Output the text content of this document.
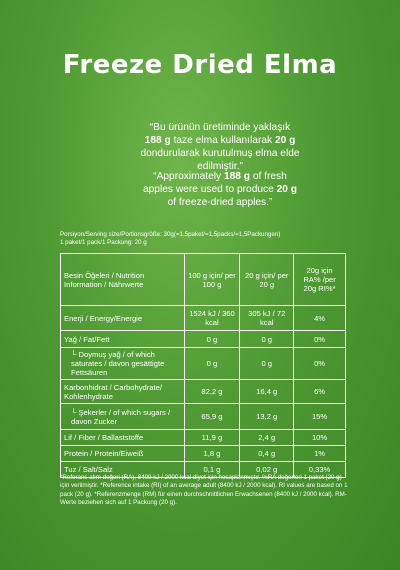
Freeze Dried Elma
“Bu ürünün üretiminde yaklaşık 188 g taze elma kullanılarak 20 g dondurularak kurutulmuş elma elde edilmiştir.”
“Approximately 188 g of fresh apples were used to produce 20 g of freeze-dried apples.”
Porsiyon/Serving size/Portionsgröße: 30g(=1,5paket/=1,5packs/=1,5Packungen)
1 paket/1 pack/1 Packung: 20 g
Besin Öğeleri / Nutrition Information / Nährwerte	100 g için/ per 100 g	20 g için/ per 20 g	20g için RA% /per 20g RI%*
Enerji / Energy/Energie	1524 kJ / 360 kcal	305 kJ / 72 kcal	4%
Yağ / Fat/Fett	0 g	0 g	0%
└ Doymuş yağ / of which saturates / davon gesättigte Fettsäuren	0 g	0 g	0%
Karbonhidrat / Carbohydrate/ Kohlenhydrate	82,2 g	16,4 g	6%
└ Şekerler / of which sugars / davon Zucker	65,9 g	13,2 g	15%
Lif / Fiber / Ballaststoffe	11,9 g	2,4 g	10%
Protein / Protein/Eiweiß	1,8 g	0,4 g	1%
Tuz / Salt/Salz	0,1 g	0,02 g	0,33%
*Referans alım değeri (RA), 8400 kJ / 2000 kcal diyet için hesaplanmıştır. %RA değerleri 1 paket (20 g) için verilmiştir. *Reference intake (RI) of an average adult (8400 kJ / 2000 kcal). RI values are based on 1 pack (20 g). *Referenzmenge (RM) für einen durchschnittlichen Erwachsenen (8400 kJ / 2000 kcal). RM-Werte beziehen sich auf 1 Packung (20 g).
